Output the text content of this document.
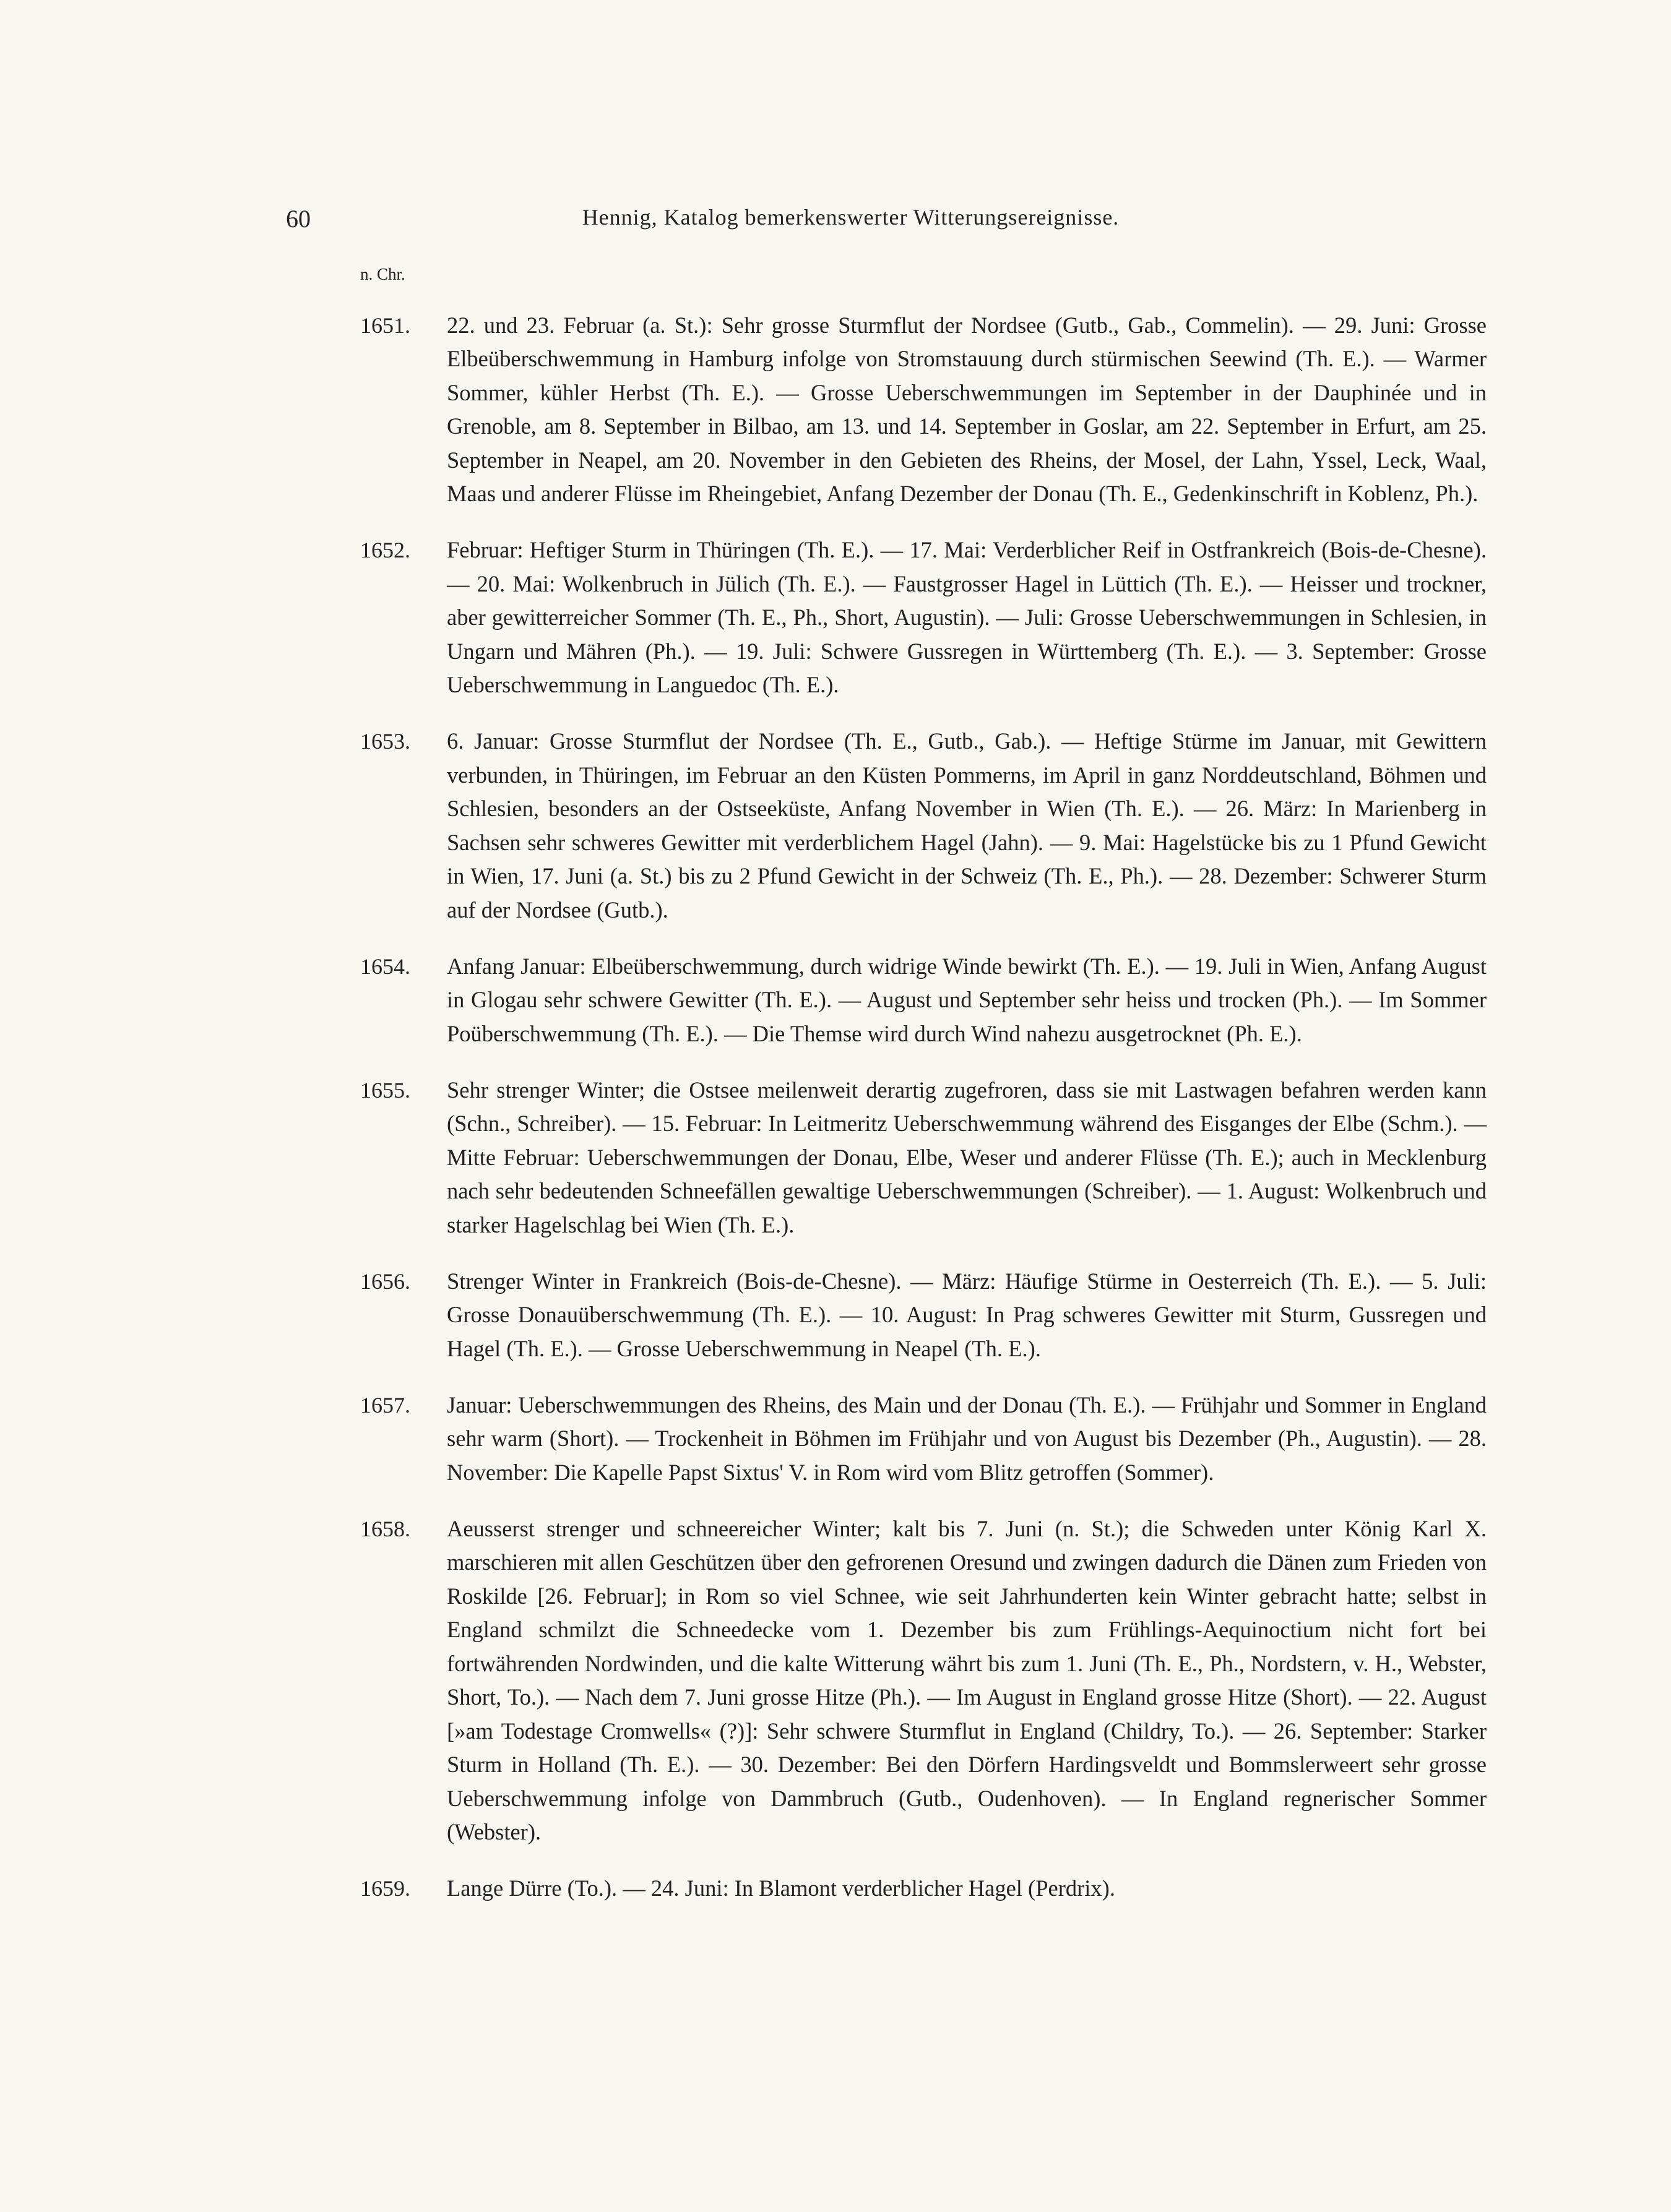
60	Hennig, Katalog bemerkenswerter Witterungsereignisse.
n. Chr.
1651.	22. und 23. Februar (a. St.): Sehr grosse Sturmflut der Nordsee (Gutb., Gab., Commelin). — 29. Juni: Grosse Elbeüberschwemmung in Hamburg infolge von Stromstauung durch stürmischen Seewind (Th. E.). — Warmer Sommer, kühler Herbst (Th. E.). — Grosse Ueberschwemmungen im September in der Dauphinée und in Grenoble, am 8. September in Bilbao, am 13. und 14. September in Goslar, am 22. September in Erfurt, am 25. September in Neapel, am 20. November in den Gebieten des Rheins, der Mosel, der Lahn, Yssel, Leck, Waal, Maas und anderer Flüsse im Rheingebiet, Anfang Dezember der Donau (Th. E., Gedenkinschrift in Koblenz, Ph.).

1652.	Februar: Heftiger Sturm in Thüringen (Th. E.). — 17. Mai: Verderblicher Reif in Ostfrankreich (Bois-de-Chesne). — 20. Mai: Wolkenbruch in Jülich (Th. E.). — Faustgrosser Hagel in Lüttich (Th. E.). — Heisser und trockner, aber gewitterreicher Sommer (Th. E., Ph., Short, Augustin). — Juli: Grosse Ueberschwemmungen in Schlesien, in Ungarn und Mähren (Ph.). — 19. Juli: Schwere Gussregen in Württemberg (Th. E.). — 3. September: Grosse Ueberschwemmung in Languedoc (Th. E.).

1653.	6. Januar: Grosse Sturmflut der Nordsee (Th. E., Gutb., Gab.). — Heftige Stürme im Januar, mit Gewittern verbunden, in Thüringen, im Februar an den Küsten Pommerns, im April in ganz Norddeutschland, Böhmen und Schlesien, besonders an der Ostseeküste, Anfang November in Wien (Th. E.). — 26. März: In Marienberg in Sachsen sehr schweres Gewitter mit verderblichem Hagel (Jahn). — 9. Mai: Hagelstücke bis zu 1 Pfund Gewicht in Wien, 17. Juni (a. St.) bis zu 2 Pfund Gewicht in der Schweiz (Th. E., Ph.). — 28. Dezember: Schwerer Sturm auf der Nordsee (Gutb.).

1654.	Anfang Januar: Elbeüberschwemmung, durch widrige Winde bewirkt (Th. E.). — 19. Juli in Wien, Anfang August in Glogau sehr schwere Gewitter (Th. E.). — August und September sehr heiss und trocken (Ph.). — Im Sommer Poüberschwemmung (Th. E.). — Die Themse wird durch Wind nahezu ausgetrocknet (Ph. E.).

1655.	Sehr strenger Winter; die Ostsee meilenweit derartig zugefroren, dass sie mit Lastwagen befahren werden kann (Schn., Schreiber). — 15. Februar: In Leitmeritz Ueberschwemmung während des Eisganges der Elbe (Schm.). — Mitte Februar: Ueberschwemmungen der Donau, Elbe, Weser und anderer Flüsse (Th. E.); auch in Mecklenburg nach sehr bedeutenden Schneefällen gewaltige Ueberschwemmungen (Schreiber). — 1. August: Wolkenbruch und starker Hagelschlag bei Wien (Th. E.).

1656.	Strenger Winter in Frankreich (Bois-de-Chesne). — März: Häufige Stürme in Oesterreich (Th. E.). — 5. Juli: Grosse Donauüberschwemmung (Th. E.). — 10. August: In Prag schweres Gewitter mit Sturm, Gussregen und Hagel (Th. E.). — Grosse Ueberschwemmung in Neapel (Th. E.).

1657.	Januar: Ueberschwemmungen des Rheins, des Main und der Donau (Th. E.). — Frühjahr und Sommer in England sehr warm (Short). — Trockenheit in Böhmen im Frühjahr und von August bis Dezember (Ph., Augustin). — 28. November: Die Kapelle Papst Sixtus' V. in Rom wird vom Blitz getroffen (Sommer).

1658.	Aeusserst strenger und schneereicher Winter; kalt bis 7. Juni (n. St.); die Schweden unter König Karl X. marschieren mit allen Geschützen über den gefrorenen Oresund und zwingen dadurch die Dänen zum Frieden von Roskilde [26. Februar]; in Rom so viel Schnee, wie seit Jahrhunderten kein Winter gebracht hatte; selbst in England schmilzt die Schneedecke vom 1. Dezember bis zum Frühlings-Aequinoctium nicht fort bei fortwährenden Nordwinden, und die kalte Witterung währt bis zum 1. Juni (Th. E., Ph., Nordstern, v. H., Webster, Short, To.). — Nach dem 7. Juni grosse Hitze (Ph.). — Im August in England grosse Hitze (Short). — 22. August [»am Todestage Cromwells« (?)]: Sehr schwere Sturmflut in England (Childry, To.). — 26. September: Starker Sturm in Holland (Th. E.). — 30. Dezember: Bei den Dörfern Hardingsveldt und Bommslerweert sehr grosse Ueberschwemmung infolge von Dammbruch (Gutb., Oudenhoven). — In England regnerischer Sommer (Webster).

1659.	Lange Dürre (To.). — 24. Juni: In Blamont verderblicher Hagel (Perdrix).
